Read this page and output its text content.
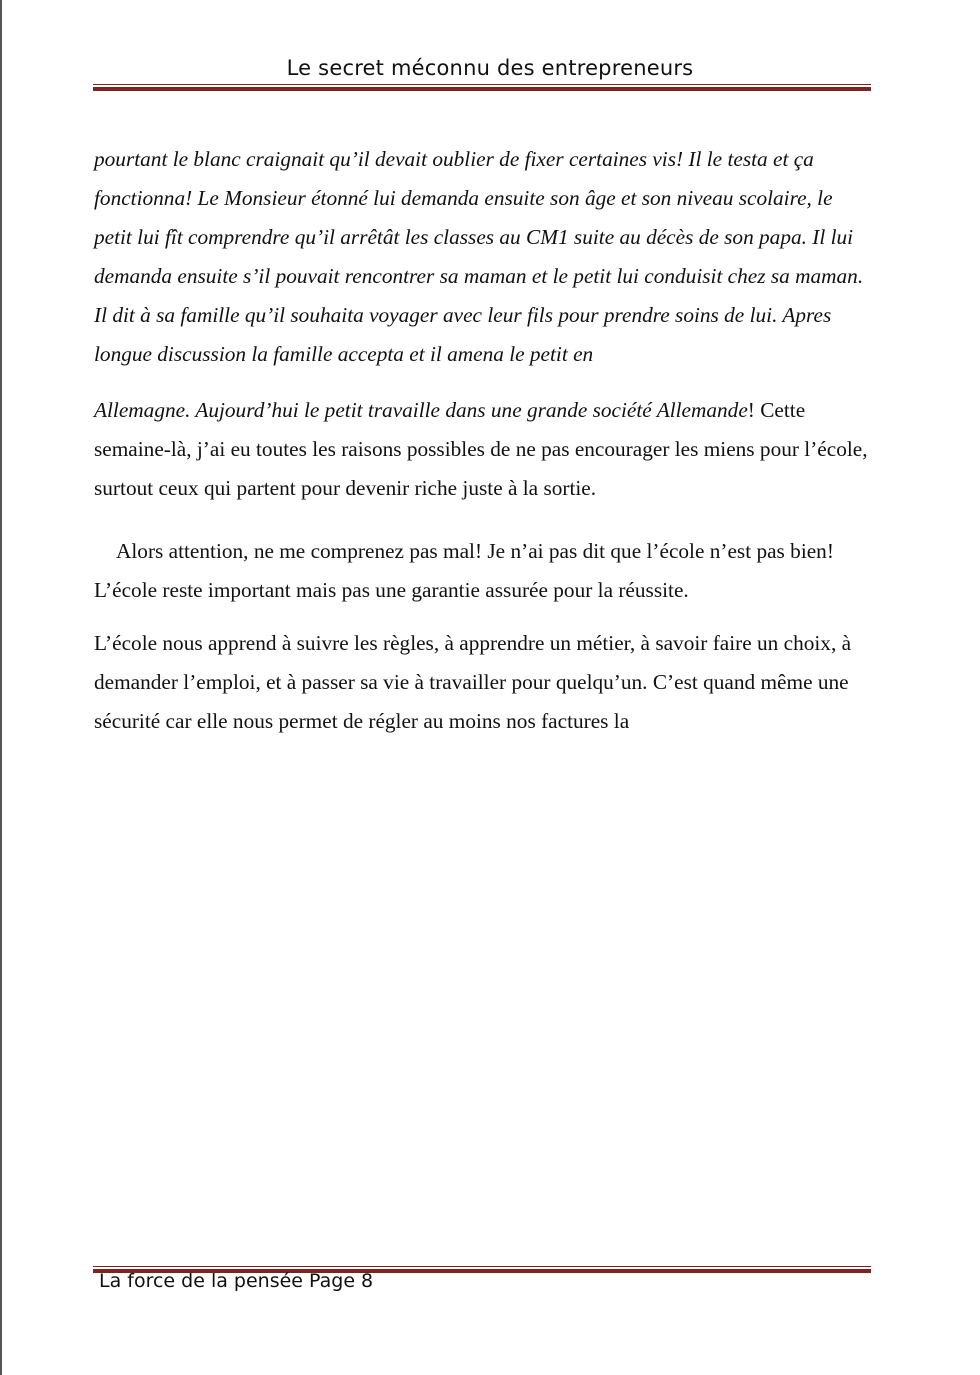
Le secret méconnu des entrepreneurs

pourtant le blanc craignait qu’il devait oublier de fixer certaines vis! Il le testa et ça fonctionna! Le Monsieur étonné lui demanda ensuite son âge et son niveau scolaire, le petit lui fît comprendre qu’il arrêtât les classes au CM1 suite au décès de son papa. Il lui demanda ensuite s’il pouvait rencontrer sa maman et le petit lui conduisit chez sa maman. Il dit à sa famille qu’il souhaita voyager avec leur fils pour prendre soins de lui. Apres longue discussion la famille accepta et il amena le petit en

Allemagne. Aujourd’hui le petit travaille dans une grande société Allemande! Cette semaine-là, j’ai eu toutes les raisons possibles de ne pas encourager les miens pour l’école, surtout ceux qui partent pour devenir riche juste à la sortie.

Alors attention, ne me comprenez pas mal! Je n’ai pas dit que l’école n’est pas bien! L’école reste important mais pas une garantie assurée pour la réussite.

L’école nous apprend à suivre les règles, à apprendre un métier, à savoir faire un choix, à demander l’emploi, et à passer sa vie à travailler pour quelqu’un. C’est quand même une sécurité car elle nous permet de régler au moins nos factures la

La force de la pensée Page 8
